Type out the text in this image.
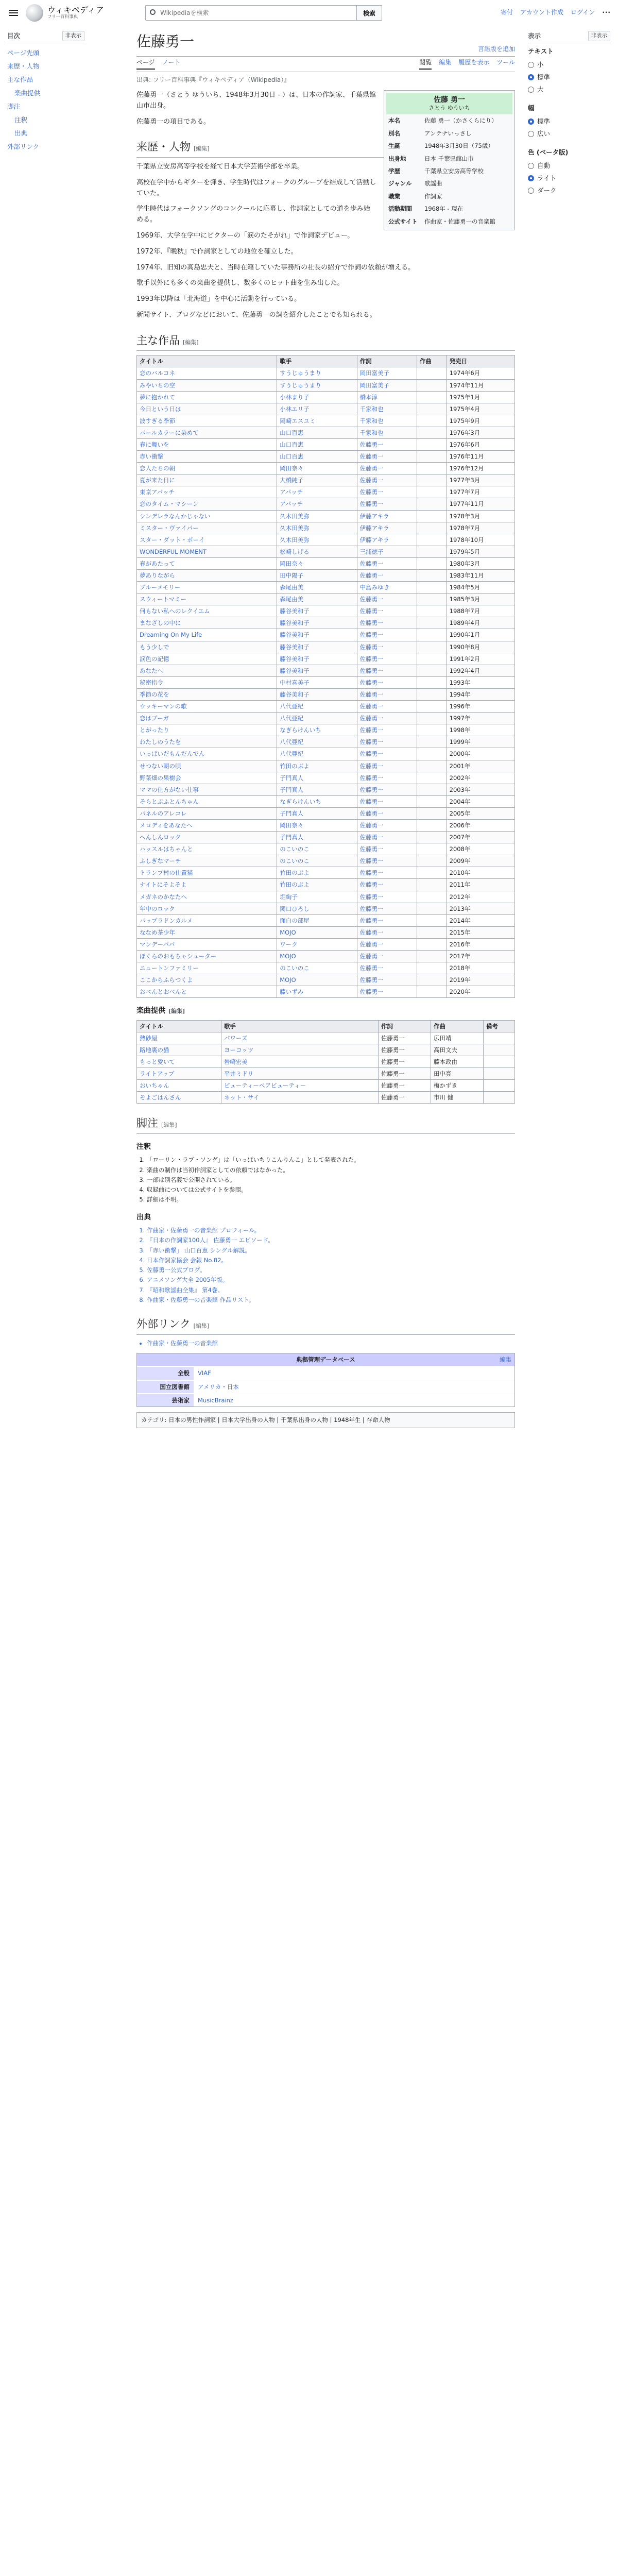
ウィキペディア
フリー百科事典
Wikipediaを検索
検索	寄付 アカウント作成 ログイン ···
目次	非表示
ページ先頭
来歴・人物
主な作品
楽曲提供
脚注
注釈
出典
外部リンク
表示	非表示
テキスト
小
標準
大
幅
標準
広い
色 (ベータ版)
自動
ライト
ダーク
佐藤勇一	言語版を追加
ページ ノート	閲覧 編集 履歴を表示 ツール
出典: フリー百科事典『ウィキペディア（Wikipedia）』
佐藤 勇一
さとう ゆういち
本名	佐藤 勇一（かさくらにり）
別名	アンテナいっさし
生誕	1948年3月30日（75歳）
出身地	日本 千葉県館山市
学歴	千葉県立安房高等学校
ジャンル	歌謡曲
職業	作詞家
活動期間	1968年 - 現在
公式サイト	作曲家・佐藤勇一の音楽館

佐藤勇一（さとう ゆういち、1948年3月30日 - ）は、日本の作詞家、千葉県館山市出身。

佐藤勇一の項目である。

来歴・人物 [編集]

千葉県立安房高等学校を経て日本大学芸術学部を卒業。

高校在学中からギターを弾き、学生時代はフォークのグループを結成して活動していた。

学生時代はフォークソングのコンクールに応募し、作詞家としての道を歩み始める。

1969年、大学在学中にビクターの「涙のたそがれ」で作詞家デビュー。

1972年、『晩秋』で作詞家としての地位を確立した。

1974年、旧知の高島忠夫と、当時在籍していた事務所の社長の紹介で作詞の依頼が増える。

歌手以外にも多くの楽曲を提供し、数多くのヒット曲を生み出した。

1993年以降は「北海道」を中心に活動を行っている。

新聞サイト、ブログなどにおいて、佐藤勇一の詞を紹介したことでも知られる。

主な作品 [編集]
タイトル	歌手	作詞	作曲	発売日
恋のバルコネ	すうじゅうまり	岡田富美子		1974年6月
みやいちの空	すうじゅうまり	岡田富美子		1974年11月
夢に抱かれて	小林まり子	橋本淳		1975年1月
今日という日は	小林エリ子	千家和也		1975年4月
波すぎる季節	岡崎エスユミ	千家和也		1975年9月
パールカラーに染めて	山口百恵	千家和也		1976年3月
春に舞いを	山口百恵	佐藤勇一		1976年6月
赤い衝撃	山口百恵	佐藤勇一		1976年11月
恋人たちの朝	岡田奈々	佐藤勇一		1976年12月
夏が来た日に	大橋純子	佐藤勇一		1977年3月
東京アパッチ	アパッチ	佐藤勇一		1977年7月
恋のタイム・マシーン	アパッチ	佐藤勇一		1977年11月
シンデレラなんかじゃない	久木田美弥	伊藤アキラ		1978年3月
ミスター・ヴァイパー	久木田美弥	伊藤アキラ		1978年7月
スター・ダット・ボーイ	久木田美弥	伊藤アキラ		1978年10月
WONDERFUL MOMENT	松崎しげる	三浦徳子		1979年5月
春があたって	岡田奈々	佐藤勇一		1980年3月
夢ありながら	田中陽子	佐藤勇一		1983年11月
ブルーメモリー	森尾由美	中島みゆき		1984年5月
スウィートマミー	森尾由美	佐藤勇一		1985年3月
何もない私へのレクイエム	藤谷美和子	佐藤勇一		1988年7月
まなざしの中に	藤谷美和子	佐藤勇一		1989年4月
Dreaming On My Life	藤谷美和子	佐藤勇一		1990年1月
もう少しで	藤谷美和子	佐藤勇一		1990年8月
涙色の記憶	藤谷美和子	佐藤勇一		1991年2月
あなたへ	藤谷美和子	佐藤勇一		1992年4月
秘密指令	中村喜美子	佐藤勇一		1993年
季節の花を	藤谷美和子	佐藤勇一		1994年
ウッキーマンの歌	八代亜紀	佐藤勇一		1996年
恋はブーガ	八代亜紀	佐藤勇一		1997年
とがったり	なぎらけんいち	佐藤勇一		1998年
わたしのうたを	八代亜紀	佐藤勇一		1999年
いっぱいだもんだんでん	八代亜紀	佐藤勇一		2000年
せつない朝の唄	竹田のぶよ	佐藤勇一		2001年
野菜畑の果樹会	子門真人	佐藤勇一		2002年
ママの仕方がない仕事	子門真人	佐藤勇一		2003年
そらとぶふとんちゃん	なぎらけんいち	佐藤勇一		2004年
パネルのアレコレ	子門真人	佐藤勇一		2005年
メロディをあなたへ	岡田奈々	佐藤勇一		2006年
へんしんロック	子門真人	佐藤勇一		2007年
ハッスルはちゃんと	のこいのこ	佐藤勇一		2008年
ふしぎなマーチ	のこいのこ	佐藤勇一		2009年
トランプ村の仕置猫	竹田のぶよ	佐藤勇一		2010年
ナイトにそよそよ	竹田のぶよ	佐藤勇一		2011年
メガネのかなたへ	堀絢子	佐藤勇一		2012年
年中のロック	関口ひろし	佐藤勇一		2013年
パップラドンカルメ	面白の部屋	佐藤勇一		2014年
ななめ茶少年	MOJO	佐藤勇一		2015年
マンデーパパ	ワーク	佐藤勇一		2016年
ぼくらのおもちゃシューター	MOJO	佐藤勇一		2017年
ニュートンファミリー	のこいのこ	佐藤勇一		2018年
ここからふらつくよ	MOJO	佐藤勇一		2019年
おべんとおべんと	藤いずみ	佐藤勇一		2020年
楽曲提供 [編集]
タイトル	歌手	作詞	作曲	備考
熱砂屋	パワーズ	佐藤勇一	広田靖	
路地裏の猫	ヨーコッツ	佐藤勇一	高田文夫	
もっと愛いて	岩崎宏美	佐藤勇一	藤本政由	
ライトアップ	平井ミドリ	佐藤勇一	田中亮	
おいちゃん	ビューティーペアビューティー	佐藤勇一	梅かずき	
そよごはんさん	ネット・サイ	佐藤勇一	市川 健	
脚注 [編集]
注釈
1. 「ローリン・ラブ・ソング」は「いっぱいちりこんりんこ」として発表された。
2. 楽曲の制作は当初作詞家としての依頼ではなかった。
3. 一部は別名義で公開されている。
4. 収録曲については公式サイトを参照。
5. 詳細は不明。
出典
1. 作曲家・佐藤勇一の音楽館 プロフィール。
2. 『日本の作詞家100人』 佐藤勇一 エピソード。
3. 「赤い衝撃」 山口百恵 シングル解説。
4. 日本作詞家協会 会報 No.82。
5. 佐藤勇一公式ブログ。
6. アニメソング大全 2005年版。
7. 『昭和歌謡曲全集』 第4巻。
8. 作曲家・佐藤勇一の音楽館 作品リスト。
外部リンク [編集]
• 作曲家・佐藤勇一の音楽館
典拠管理データベース	編集
全般	VIAF
国立図書館	アメリカ・日本
芸術家	MusicBrainz
カテゴリ: 日本の男性作詞家 | 日本大学出身の人物 | 千葉県出身の人物 | 1948年生 | 存命人物
